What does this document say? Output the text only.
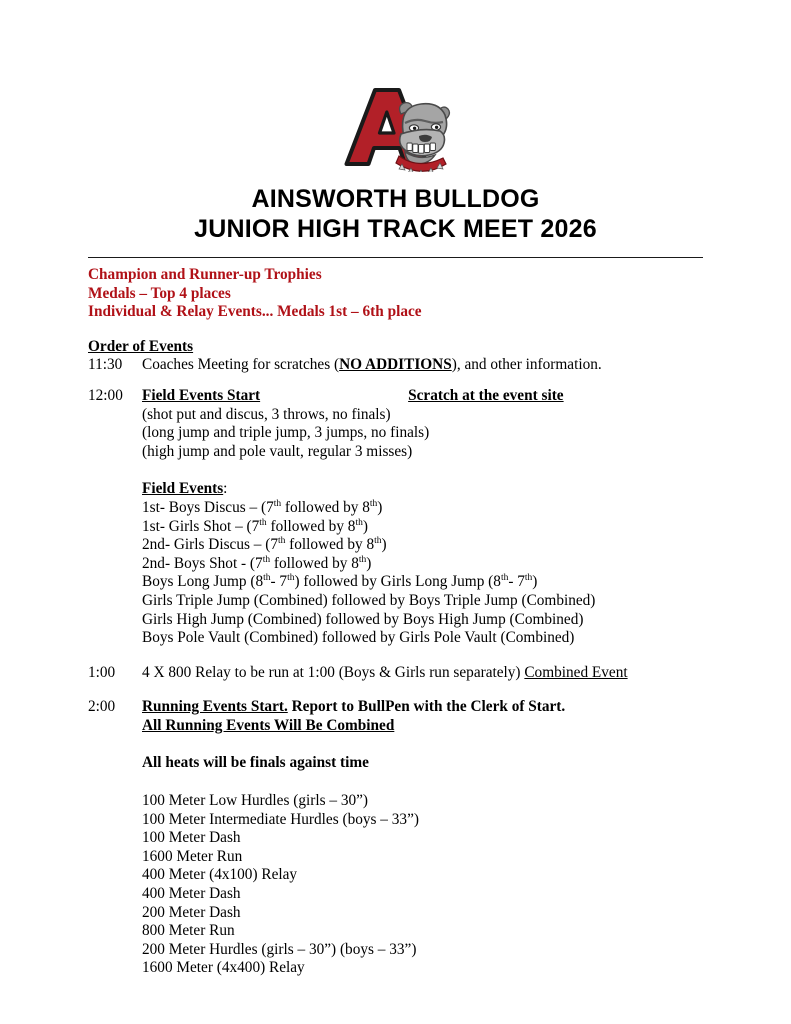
AINSWORTH BULLDOG
JUNIOR HIGH TRACK MEET 2026
Champion and Runner-up Trophies
Medals – Top 4 places
Individual & Relay Events... Medals 1st – 6th place
Order of Events
11:30	Coaches Meeting for scratches (NO ADDITIONS), and other information.
12:00	Field Events Start	Scratch at the event site
(shot put and discus, 3 throws, no finals)
(long jump and triple jump, 3 jumps, no finals)
(high jump and pole vault, regular 3 misses)
Field Events:
1st- Boys Discus – (7th followed by 8th)
1st- Girls Shot – (7th followed by 8th)
2nd- Girls Discus – (7th followed by 8th)
2nd- Boys Shot - (7th followed by 8th)
Boys Long Jump (8th- 7th) followed by Girls Long Jump (8th- 7th)
Girls Triple Jump (Combined) followed by Boys Triple Jump (Combined)
Girls High Jump (Combined) followed by Boys High Jump (Combined)
Boys Pole Vault (Combined) followed by Girls Pole Vault (Combined)
1:00	4 X 800 Relay to be run at 1:00 (Boys & Girls run separately) Combined Event
2:00	Running Events Start. Report to BullPen with the Clerk of Start.
All Running Events Will Be Combined
All heats will be finals against time
100 Meter Low Hurdles (girls – 30”)
100 Meter Intermediate Hurdles (boys – 33”)
100 Meter Dash
1600 Meter Run
400 Meter (4x100) Relay
400 Meter Dash
200 Meter Dash
800 Meter Run
200 Meter Hurdles (girls – 30”) (boys – 33”)
1600 Meter (4x400) Relay
